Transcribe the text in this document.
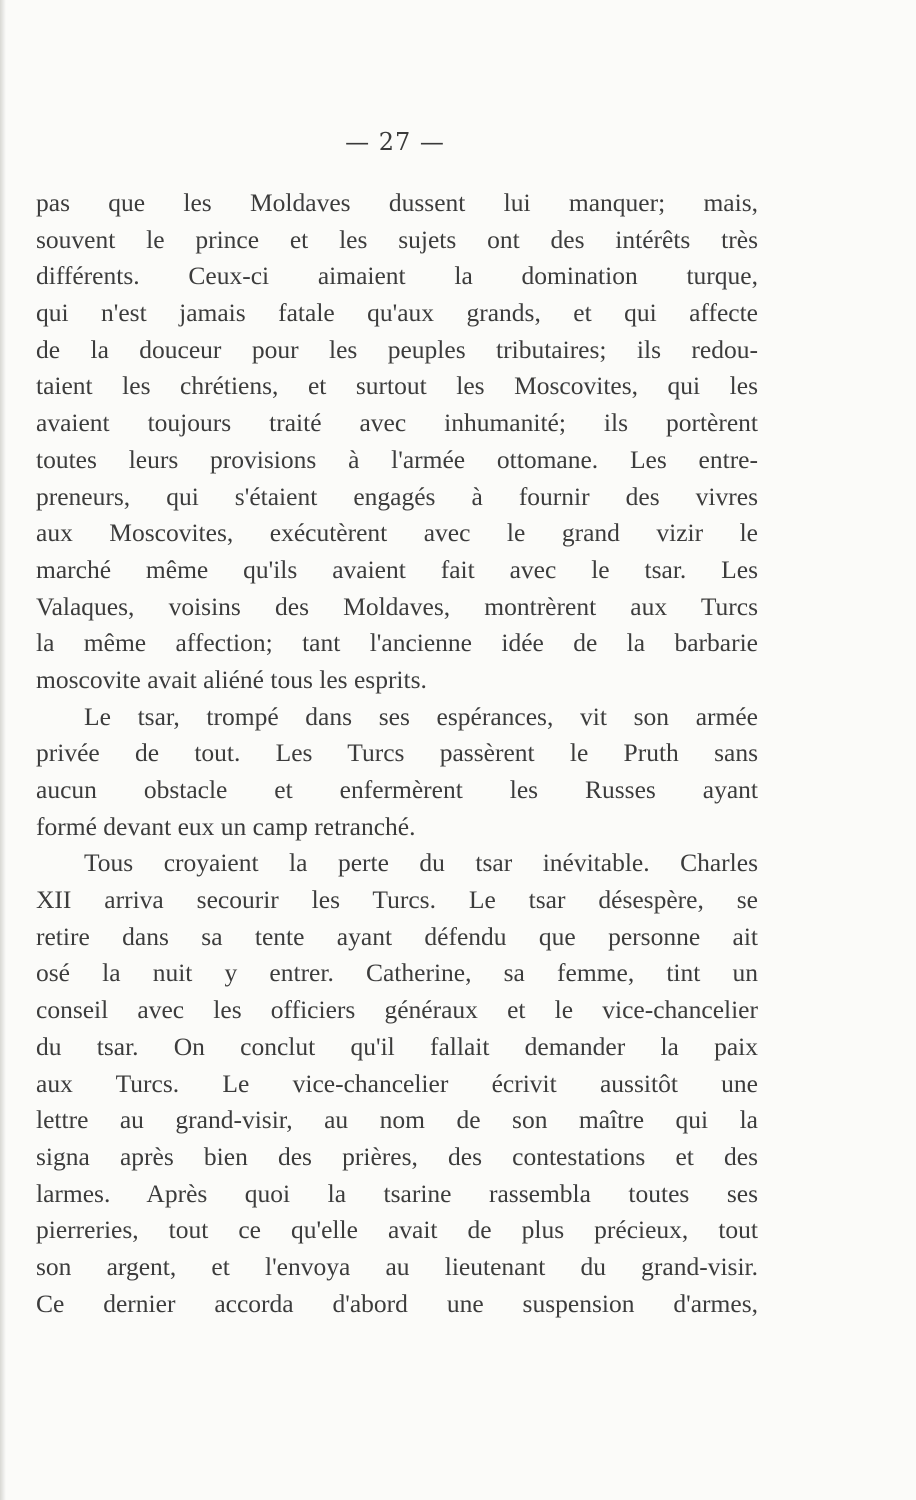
— 27 —
pas que les Moldaves dussent lui manquer; mais,
souvent le prince et les sujets ont des intérêts très
différents. Ceux-ci aimaient la domination turque,
qui n'est jamais fatale qu'aux grands, et qui affecte
de la douceur pour les peuples tributaires; ils redou-
taient les chrétiens, et surtout les Moscovites, qui les
avaient toujours traité avec inhumanité; ils portèrent
toutes leurs provisions à l'armée ottomane. Les entre-
preneurs, qui s'étaient engagés à fournir des vivres
aux Moscovites, exécutèrent avec le grand vizir le
marché même qu'ils avaient fait avec le tsar. Les
Valaques, voisins des Moldaves, montrèrent aux Turcs
la même affection; tant l'ancienne idée de la barbarie
moscovite avait aliéné tous les esprits.
Le tsar, trompé dans ses espérances, vit son armée
privée de tout. Les Turcs passèrent le Pruth sans
aucun obstacle et enfermèrent les Russes ayant
formé devant eux un camp retranché.
Tous croyaient la perte du tsar inévitable. Charles
XII arriva secourir les Turcs. Le tsar désespère, se
retire dans sa tente ayant défendu que personne ait
osé la nuit y entrer. Catherine, sa femme, tint un
conseil avec les officiers généraux et le vice-chancelier
du tsar. On conclut qu'il fallait demander la paix
aux Turcs. Le vice-chancelier écrivit aussitôt une
lettre au grand-visir, au nom de son maître qui la
signa après bien des prières, des contestations et des
larmes. Après quoi la tsarine rassembla toutes ses
pierreries, tout ce qu'elle avait de plus précieux, tout
son argent, et l'envoya au lieutenant du grand-visir.
Ce dernier accorda d'abord une suspension d'armes,
